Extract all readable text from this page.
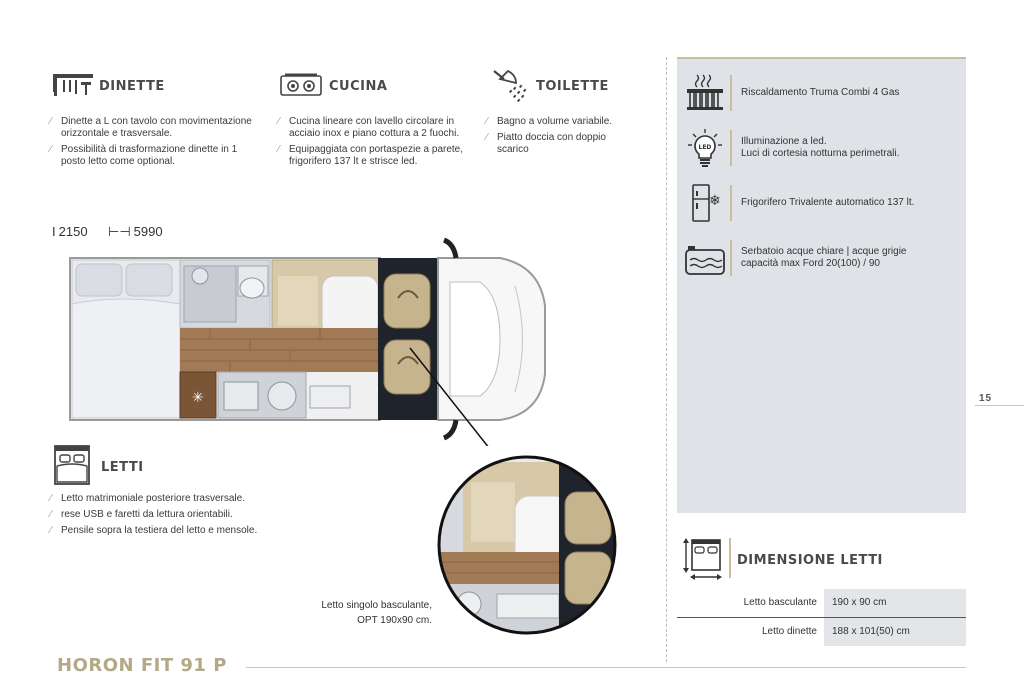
DINETTE
⁄ Dinette a L con tavolo con movimentazione orizzontale e trasversale.
⁄ Possibilità di trasformazione dinette in 1 posto letto come optional.
CUCINA
⁄ Cucina lineare con lavello circolare in acciaio inox e piano cottura a 2 fuochi.
⁄ Equipaggiata con portaspezie a parete, frigorifero 137 lt e strisce led.
TOILETTE
⁄ Bagno a volume variabile.
⁄ Piatto doccia con doppio scarico
I 2150 ⊢⊣ 5990
✳
Letto singolo basculante,
OPT 190x90 cm.
LETTI
⁄ Letto matrimoniale posteriore trasversale.
⁄ rese USB e faretti da lettura orientabili.
⁄ Pensile sopra la testiera del letto e mensole.
Riscaldamento Truma Combi 4 Gas
LED
Illuminazione a led.
Luci di cortesia notturna perimetrali.
❄ Frigorifero Trivalente automatico 137 lt.
Serbatoio acque chiare | acque grigie
capacità max Ford 20(100) / 90
15
DIMENSIONE LETTI
Letto basculante 190 x 90 cm
Letto dinette 188 x 101(50) cm
HORON FIT 91 P
